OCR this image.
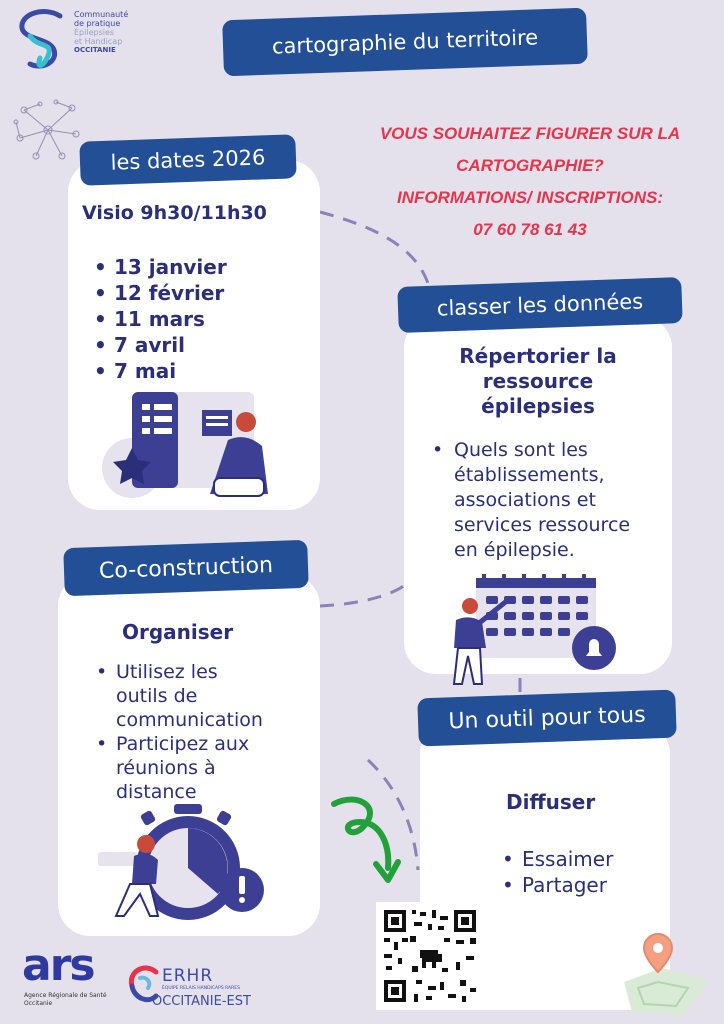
Communauté
de pratique
Épilepsies
et Handicap
OCCITANIE	cartographie du territoire
Visio 9h30/11h30
• 13 janvier
• 12 février
• 11 mars
• 7 avril
• 7 mai
les dates 2026
VOUS SOUHAITEZ FIGURER SUR LA
CARTOGRAPHIE?
INFORMATIONS/ INSCRIPTIONS:
07 60 78 61 43
Répertorier la
ressource
épilepsies
• Quels sont les
établissements,
associations et
services ressource
en épilepsie.
classer les données
Organiser
• Utilisez les
outils de
communication
• Participez aux
réunions à
distance
Co-construction
Diffuser
• Essaimer
• Partager
Un outil pour tous
ars
Agence Régionale de Santé
Occitanie
ERHR
ÉQUIPE RELAIS HANDICAPS RARES
OCCITANIE-EST
